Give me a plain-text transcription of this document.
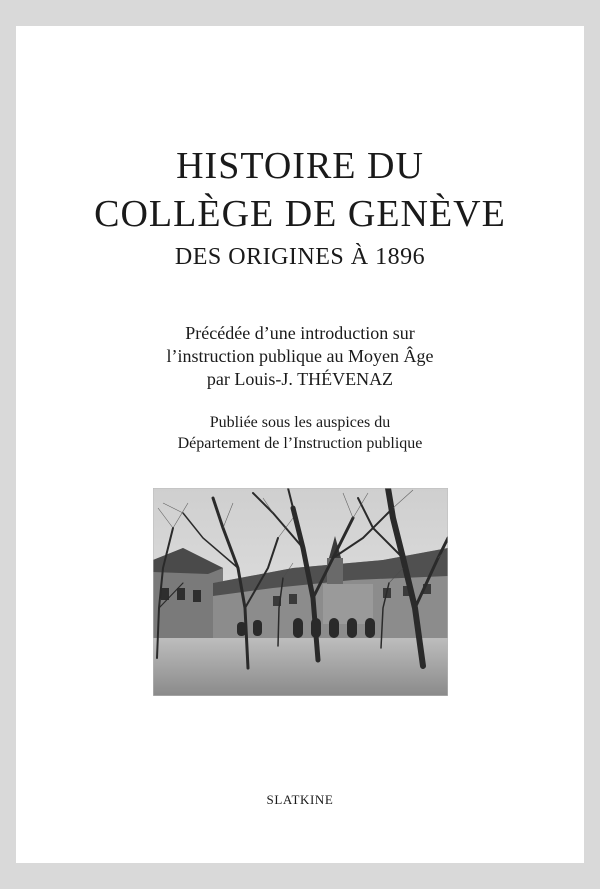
HISTOIRE DU
COLLÈGE DE GENÈVE
DES ORIGINES À 1896
Précédée d’une introduction sur
l’instruction publique au Moyen Âge
par Louis-J. THÉVENAZ
Publiée sous les auspices du
Département de l’Instruction publique
SLATKINE
